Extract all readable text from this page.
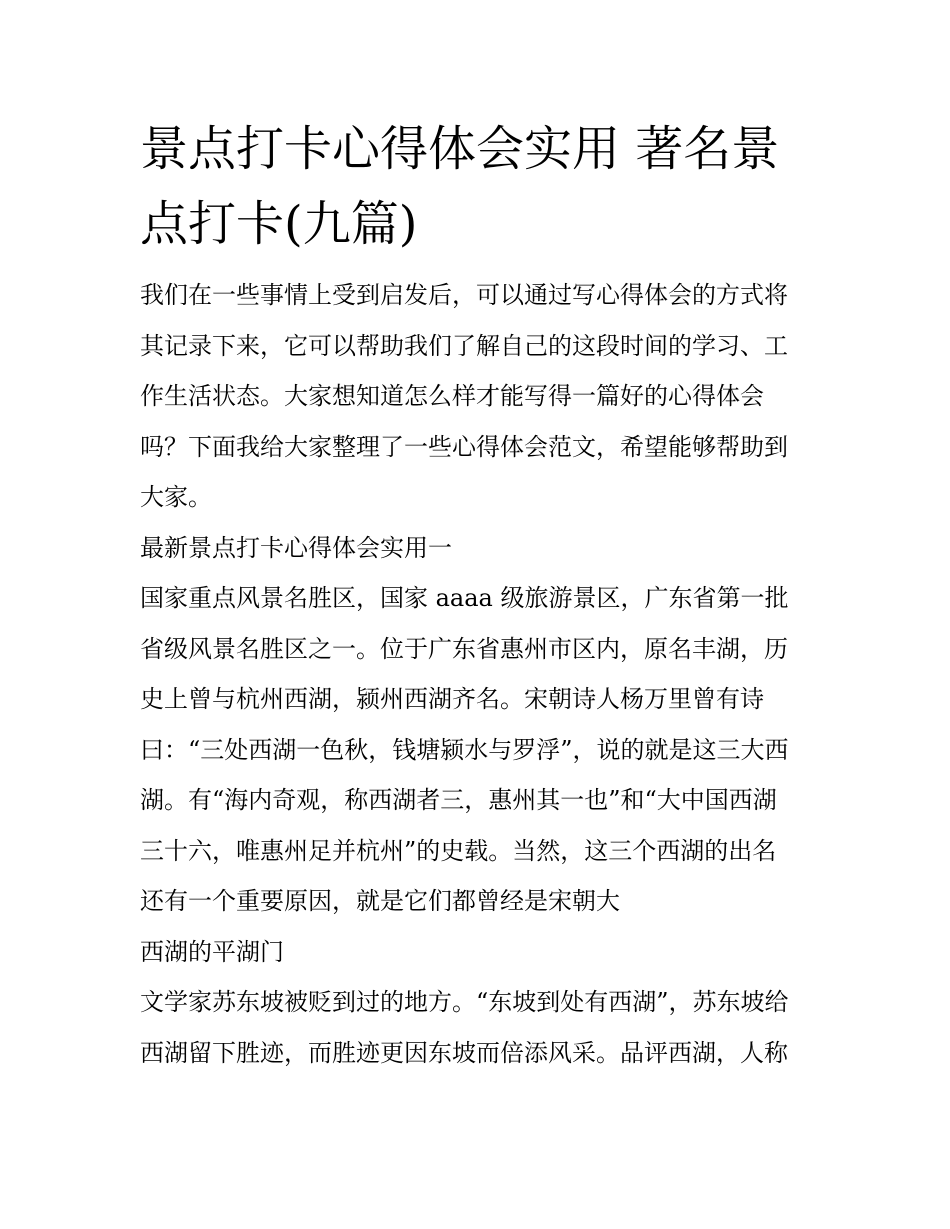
景点打卡心得体会实用 著名景
点打卡(九篇)
我们在一些事情上受到启发后，可以通过写心得体会的方式将
其记录下来，它可以帮助我们了解自己的这段时间的学习、工
作生活状态。大家想知道怎么样才能写得一篇好的心得体会
吗？下面我给大家整理了一些心得体会范文，希望能够帮助到
大家。
最新景点打卡心得体会实用一
国家重点风景名胜区，国家 aaaa 级旅游景区，广东省第一批
省级风景名胜区之一。位于广东省惠州市区内，原名丰湖，历
史上曾与杭州西湖，颍州西湖齐名。宋朝诗人杨万里曾有诗
曰：“三处西湖一色秋，钱塘颍水与罗浮”，说的就是这三大西
湖。有“海内奇观，称西湖者三，惠州其一也”和“大中国西湖
三十六，唯惠州足并杭州”的史载。当然，这三个西湖的出名
还有一个重要原因，就是它们都曾经是宋朝大
西湖的平湖门
文学家苏东坡被贬到过的地方。“东坡到处有西湖”，苏东坡给
西湖留下胜迹，而胜迹更因东坡而倍添风采。品评西湖，人称
